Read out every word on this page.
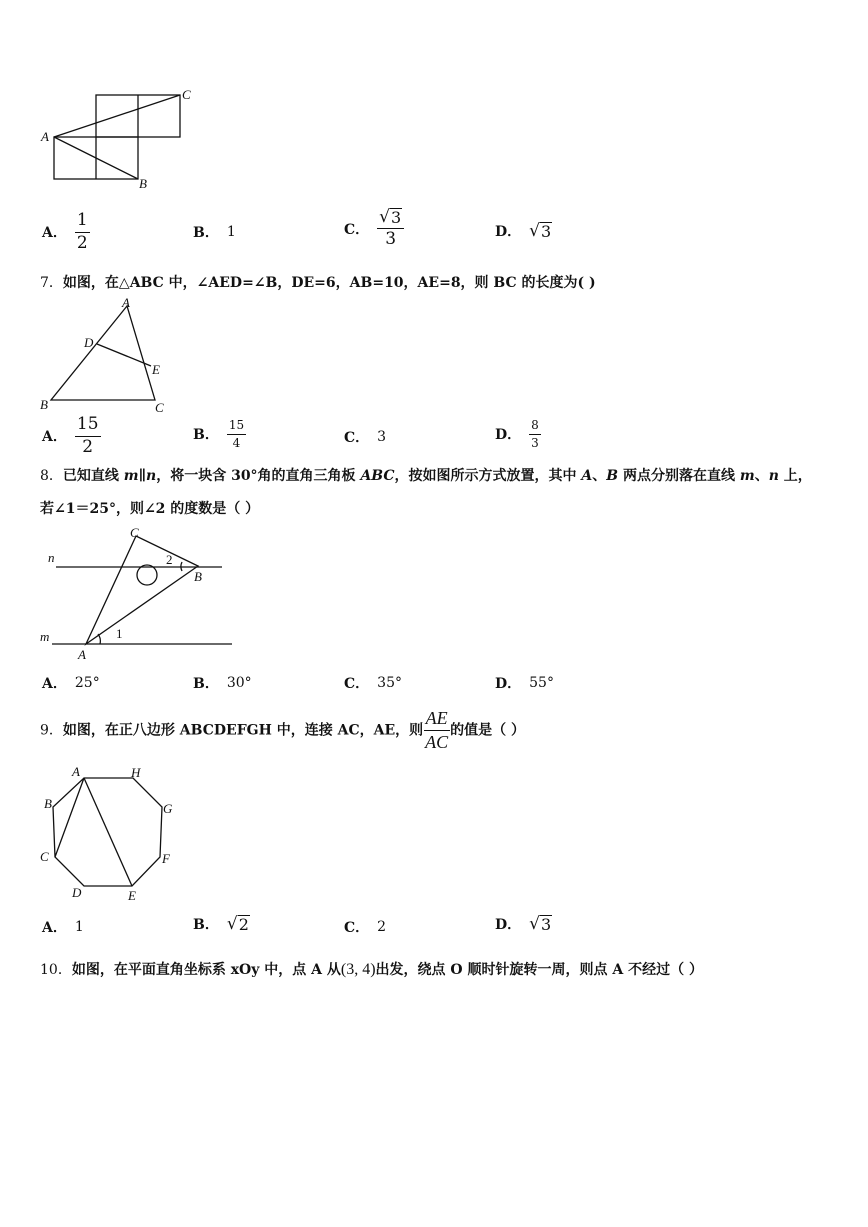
A
C
B
A． $\frac{1}{2}$	B． 1	C． $\frac{√ 3}{3}$	D． √ 3
7．如图，在△ABC 中，∠AED=∠B，DE=6，AB=10，AE=8，则 BC 的长度为( )
A
D
E
B	C
A． $\frac{15}{2}$	B． $\frac{15}{4}$	C． 3	D． $\frac{8}{3}$
8．已知直线 m∥n，将一块含 30°角的直角三角板 ABC，按如图所示方式放置，其中 A、B 两点分别落在直线 m、n 上，
若∠1＝25°，则∠2 的度数是（ ）
n
m
C
B
A
1
2
A． 25°	B． 30°	C． 35°	D． 55°
9．如图，在正八边形 ABCDEFGH 中，连接 AC，AE，则 $\frac{AE}{AC}$ 的值是（ ）
A	H
G
F
E
D
C
B
A． 1	B． √ 2	C． 2	D． √ 3
10．如图，在平面直角坐标系 xOy 中，点 A 从(3, 4)出发，绕点 O 顺时针旋转一周，则点 A 不经过（ ）
